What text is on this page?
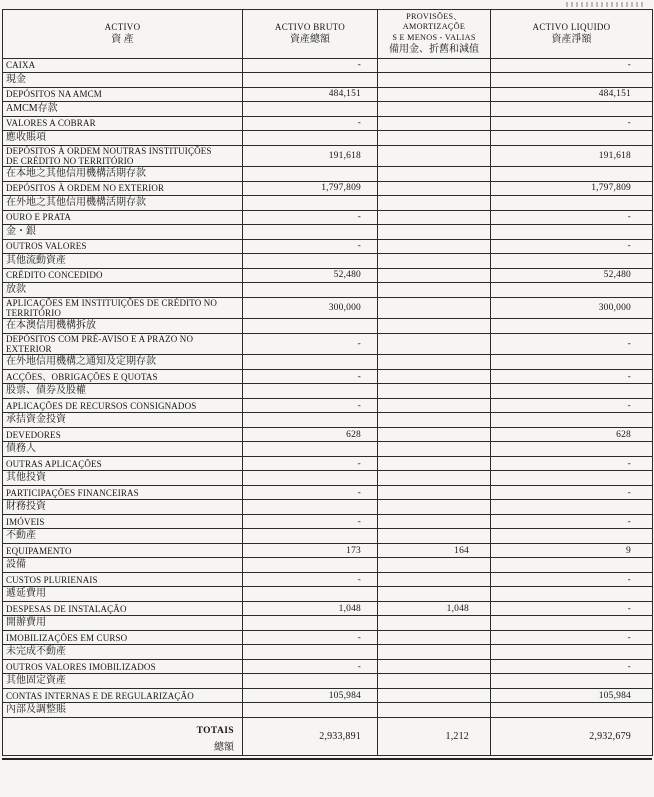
ACTIVO
資 產

ACTIVO BRUTO
資產總額

PROVISÕES、AMORTIZAÇÕE
S E MENOS - VALIAS
備用金、折舊和減值

ACTIVO LIQUIDO
資產淨額

CAIXA	-		-

現金			

DEPÓSITOS NA AMCM	484,151		484,151

AMCM存款			

VALORES A COBRAR	-		-

應收賬項			

DEPÓSITOS À ORDEM NOUTRAS INSTITUIÇÕES DE CRÉDITO NO TERRITÓRIO	191,618		191,618

在本地之其他信用機構活期存款			

DEPÓSITOS À ORDEM NO EXTERIOR	1,797,809		1,797,809

在外地之其他信用機構活期存款			

OURO E PRATA	-		-

金・銀			

OUTROS VALORES	-		-

其他流動資產			

CRÉDITO CONCEDIDO	52,480		52,480

放款			

APLICAÇÕES EM INSTITUIÇÕES DE CRÉDITO NO TERRITÓRIO	300,000		300,000

在本澳信用機構拆放			

DEPÓSITOS COM PRÉ-AVISO E A PRAZO NO EXTERIOR	-		-

在外地信用機構之通知及定期存款			

ACÇÕES、OBRIGAÇÕES E QUOTAS	-		-

股票、債券及股權			

APLICAÇÕES DE RECURSOS CONSIGNADOS	-		-

承拮資金投資			

DEVEDORES	628		628

債務人			

OUTRAS APLICAÇÕES	-		-

其他投資			

PARTICIPAÇÕES FINANCEIRAS	-		-

財務投資			

IMÓVEIS	-		-

不動產			

EQUIPAMENTO	173	164	9

設備			

CUSTOS PLURIENAIS	-		-

遞延費用			

DESPESAS DE INSTALAÇÃO	1,048	1,048	-

開辦費用			

IMOBILIZAÇÕES EM CURSO	-		-

未完成不動產			

OUTROS VALORES IMOBILIZADOS	-		-

其他固定資產			

CONTAS INTERNAS E DE REGULARIZAÇÃO	105,984		105,984

內部及調整賬			

TOTAIS
總額	2,933,891	1,212	2,932,679
